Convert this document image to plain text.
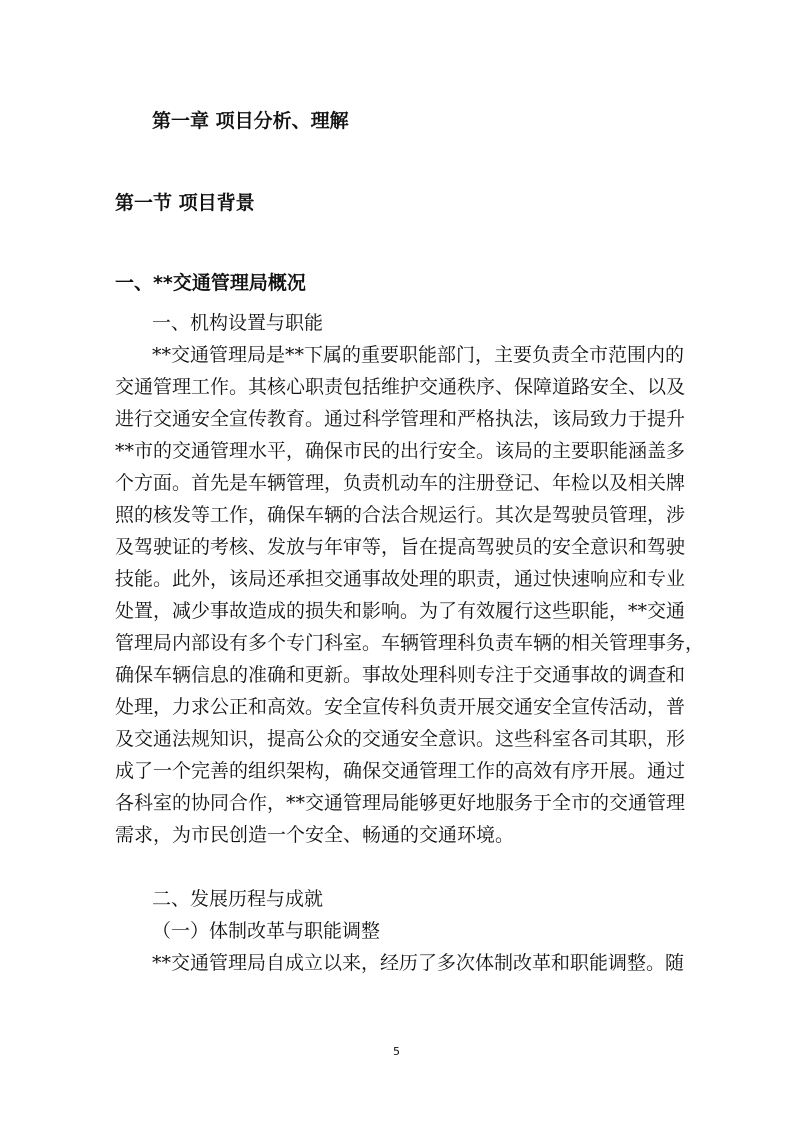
第一章 项目分析、理解
第一节 项目背景
一、**交通管理局概况

一、机构设置与职能

**交通管理局是**下属的重要职能部门，主要负责全市范围内的

交通管理工作。其核心职责包括维护交通秩序、保障道路安全、以及

进行交通安全宣传教育。通过科学管理和严格执法，该局致力于提升

**市的交通管理水平，确保市民的出行安全。该局的主要职能涵盖多

个方面。首先是车辆管理，负责机动车的注册登记、年检以及相关牌

照的核发等工作，确保车辆的合法合规运行。其次是驾驶员管理，涉

及驾驶证的考核、发放与年审等，旨在提高驾驶员的安全意识和驾驶

技能。此外，该局还承担交通事故处理的职责，通过快速响应和专业

处置，减少事故造成的损失和影响。为了有效履行这些职能，**交通

管理局内部设有多个专门科室。车辆管理科负责车辆的相关管理事务，

确保车辆信息的准确和更新。事故处理科则专注于交通事故的调查和

处理，力求公正和高效。安全宣传科负责开展交通安全宣传活动，普

及交通法规知识，提高公众的交通安全意识。这些科室各司其职，形

成了一个完善的组织架构，确保交通管理工作的高效有序开展。通过

各科室的协同合作，**交通管理局能够更好地服务于全市的交通管理

需求，为市民创造一个安全、畅通的交通环境。

二、发展历程与成就

（一）体制改革与职能调整

**交通管理局自成立以来，经历了多次体制改革和职能调整。随

5
